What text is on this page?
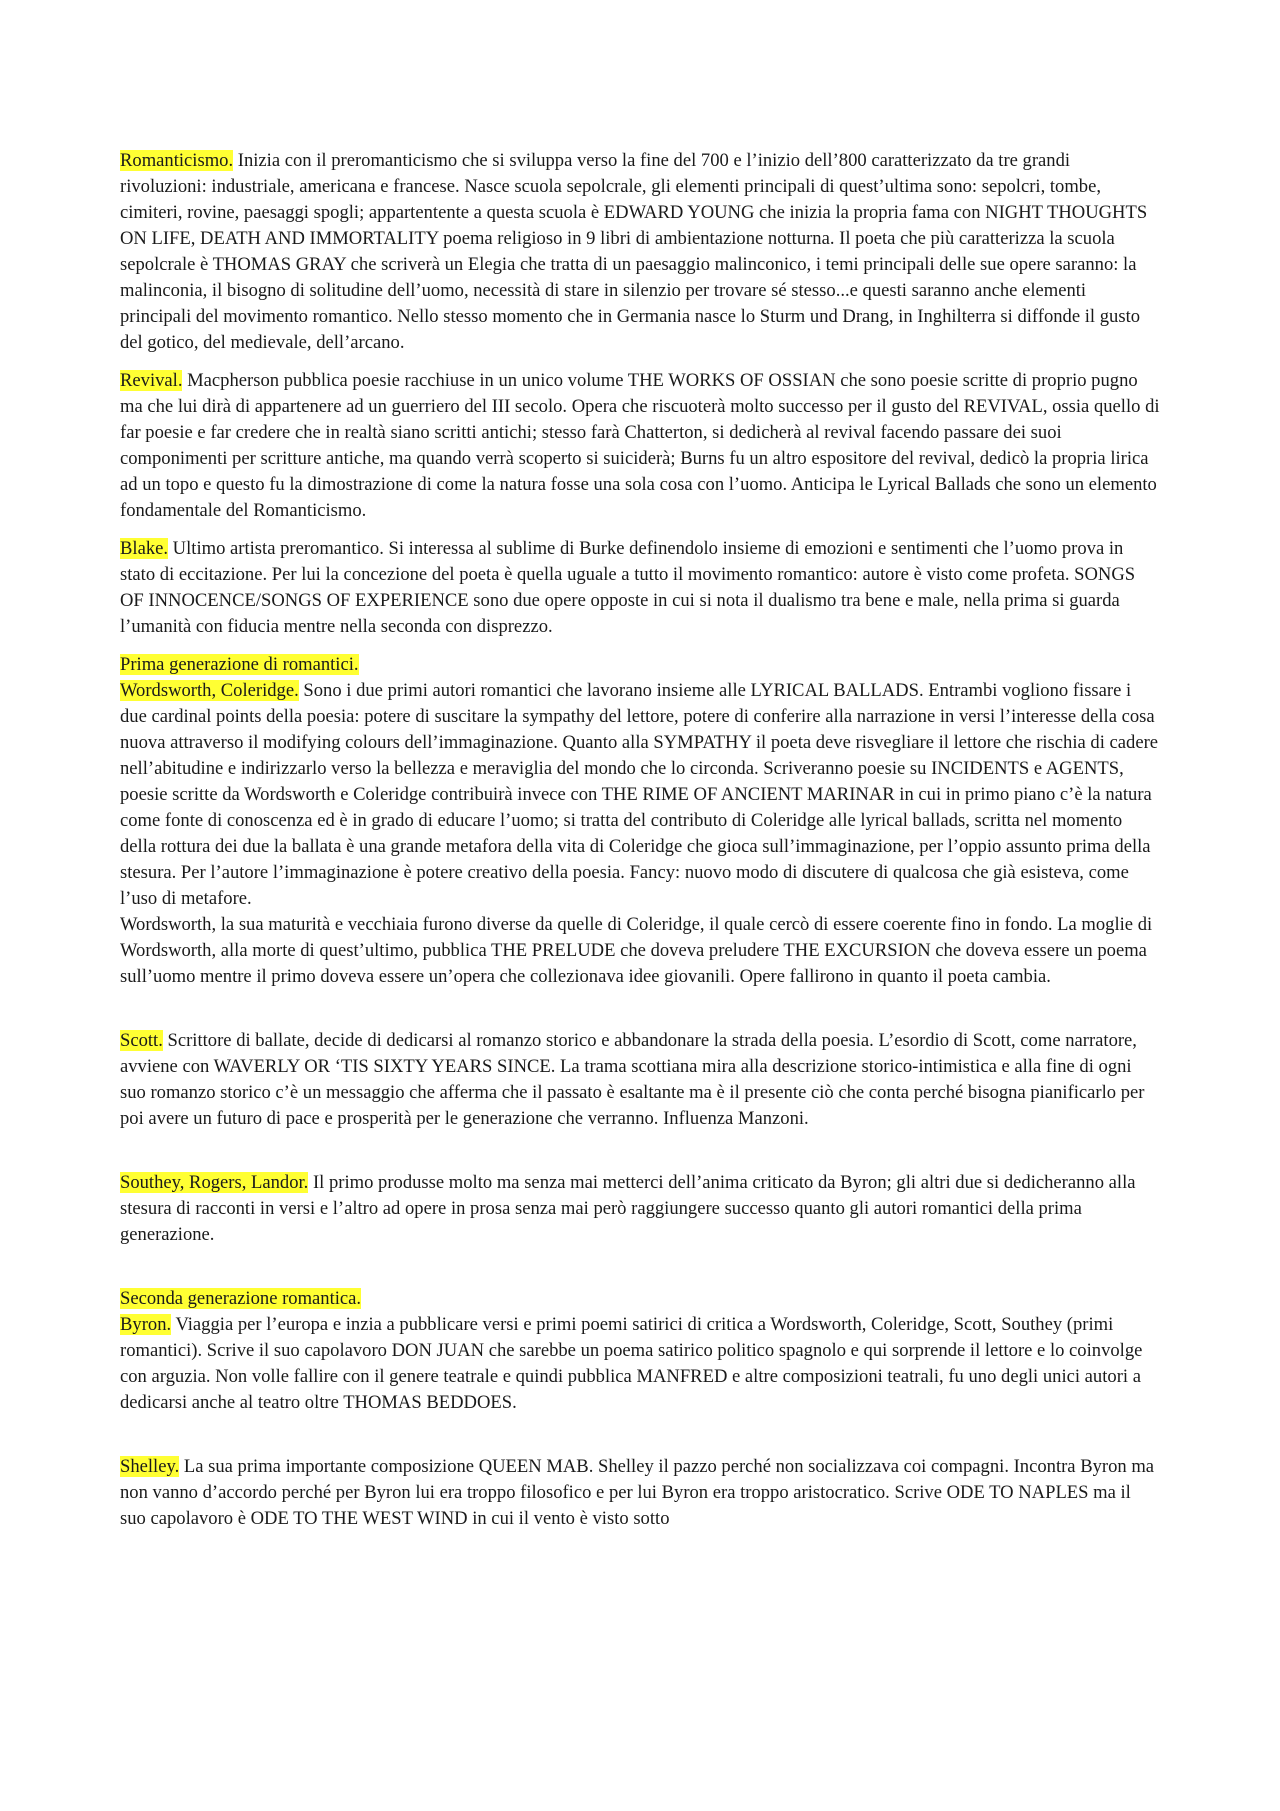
Romanticismo. Inizia con il preromanticismo che si sviluppa verso la fine del 700 e l’inizio dell’800 caratterizzato da tre grandi rivoluzioni: industriale, americana e francese. Nasce scuola sepolcrale, gli elementi principali di quest’ultima sono: sepolcri, tombe, cimiteri, rovine, paesaggi spogli; appartentente a questa scuola è EDWARD YOUNG che inizia la propria fama con NIGHT THOUGHTS ON LIFE, DEATH AND IMMORTALITY poema religioso in 9 libri di ambientazione notturna. Il poeta che più caratterizza la scuola sepolcrale è THOMAS GRAY che scriverà un Elegia che tratta di un paesaggio malinconico, i temi principali delle sue opere saranno: la malinconia, il bisogno di solitudine dell’uomo, necessità di stare in silenzio per trovare sé stesso...e questi saranno anche elementi principali del movimento romantico. Nello stesso momento che in Germania nasce lo Sturm und Drang, in Inghilterra si diffonde il gusto del gotico, del medievale, dell’arcano.

Revival. Macpherson pubblica poesie racchiuse in un unico volume THE WORKS OF OSSIAN che sono poesie scritte di proprio pugno ma che lui dirà di appartenere ad un guerriero del III secolo. Opera che riscuoterà molto successo per il gusto del REVIVAL, ossia quello di far poesie e far credere che in realtà siano scritti antichi; stesso farà Chatterton, si dedicherà al revival facendo passare dei suoi componimenti per scritture antiche, ma quando verrà scoperto si suiciderà; Burns fu un altro espositore del revival, dedicò la propria lirica ad un topo e questo fu la dimostrazione di come la natura fosse una sola cosa con l’uomo. Anticipa le Lyrical Ballads che sono un elemento fondamentale del Romanticismo.

Blake. Ultimo artista preromantico. Si interessa al sublime di Burke definendolo insieme di emozioni e sentimenti che l’uomo prova in stato di eccitazione. Per lui la concezione del poeta è quella uguale a tutto il movimento romantico: autore è visto come profeta. SONGS OF INNOCENCE/SONGS OF EXPERIENCE sono due opere opposte in cui si nota il dualismo tra bene e male, nella prima si guarda l’umanità con fiducia mentre nella seconda con disprezzo.

Prima generazione di romantici.

Wordsworth, Coleridge. Sono i due primi autori romantici che lavorano insieme alle LYRICAL BALLADS. Entrambi vogliono fissare i due cardinal points della poesia: potere di suscitare la sympathy del lettore, potere di conferire alla narrazione in versi l’interesse della cosa nuova attraverso il modifying colours dell’immaginazione. Quanto alla SYMPATHY il poeta deve risvegliare il lettore che rischia di cadere nell’abitudine e indirizzarlo verso la bellezza e meraviglia del mondo che lo circonda. Scriveranno poesie su INCIDENTS e AGENTS, poesie scritte da Wordsworth e Coleridge contribuirà invece con THE RIME OF ANCIENT MARINAR in cui in primo piano c’è la natura come fonte di conoscenza ed è in grado di educare l’uomo; si tratta del contributo di Coleridge alle lyrical ballads, scritta nel momento della rottura dei due la ballata è una grande metafora della vita di Coleridge che gioca sull’immaginazione, per l’oppio assunto prima della stesura. Per l’autore l’immaginazione è potere creativo della poesia. Fancy: nuovo modo di discutere di qualcosa che già esisteva, come l’uso di metafore.

Wordsworth, la sua maturità e vecchiaia furono diverse da quelle di Coleridge, il quale cercò di essere coerente fino in fondo. La moglie di Wordsworth, alla morte di quest’ultimo, pubblica THE PRELUDE che doveva preludere THE EXCURSION che doveva essere un poema sull’uomo mentre il primo doveva essere un’opera che collezionava idee giovanili. Opere fallirono in quanto il poeta cambia.

Scott. Scrittore di ballate, decide di dedicarsi al romanzo storico e abbandonare la strada della poesia. L’esordio di Scott, come narratore, avviene con WAVERLY OR ‘TIS SIXTY YEARS SINCE. La trama scottiana mira alla descrizione storico-intimistica e alla fine di ogni suo romanzo storico c’è un messaggio che afferma che il passato è esaltante ma è il presente ciò che conta perché bisogna pianificarlo per poi avere un futuro di pace e prosperità per le generazione che verranno. Influenza Manzoni.

Southey, Rogers, Landor. Il primo produsse molto ma senza mai metterci dell’anima criticato da Byron; gli altri due si dedicheranno alla stesura di racconti in versi e l’altro ad opere in prosa senza mai però raggiungere successo quanto gli autori romantici della prima generazione.

Seconda generazione romantica.

Byron. Viaggia per l’europa e inzia a pubblicare versi e primi poemi satirici di critica a Wordsworth, Coleridge, Scott, Southey (primi romantici). Scrive il suo capolavoro DON JUAN che sarebbe un poema satirico politico spagnolo e qui sorprende il lettore e lo coinvolge con arguzia. Non volle fallire con il genere teatrale e quindi pubblica MANFRED e altre composizioni teatrali, fu uno degli unici autori a dedicarsi anche al teatro oltre THOMAS BEDDOES.

Shelley. La sua prima importante composizione QUEEN MAB. Shelley il pazzo perché non socializzava coi compagni. Incontra Byron ma non vanno d’accordo perché per Byron lui era troppo filosofico e per lui Byron era troppo aristocratico. Scrive ODE TO NAPLES ma il suo capolavoro è ODE TO THE WEST WIND in cui il vento è visto sotto
